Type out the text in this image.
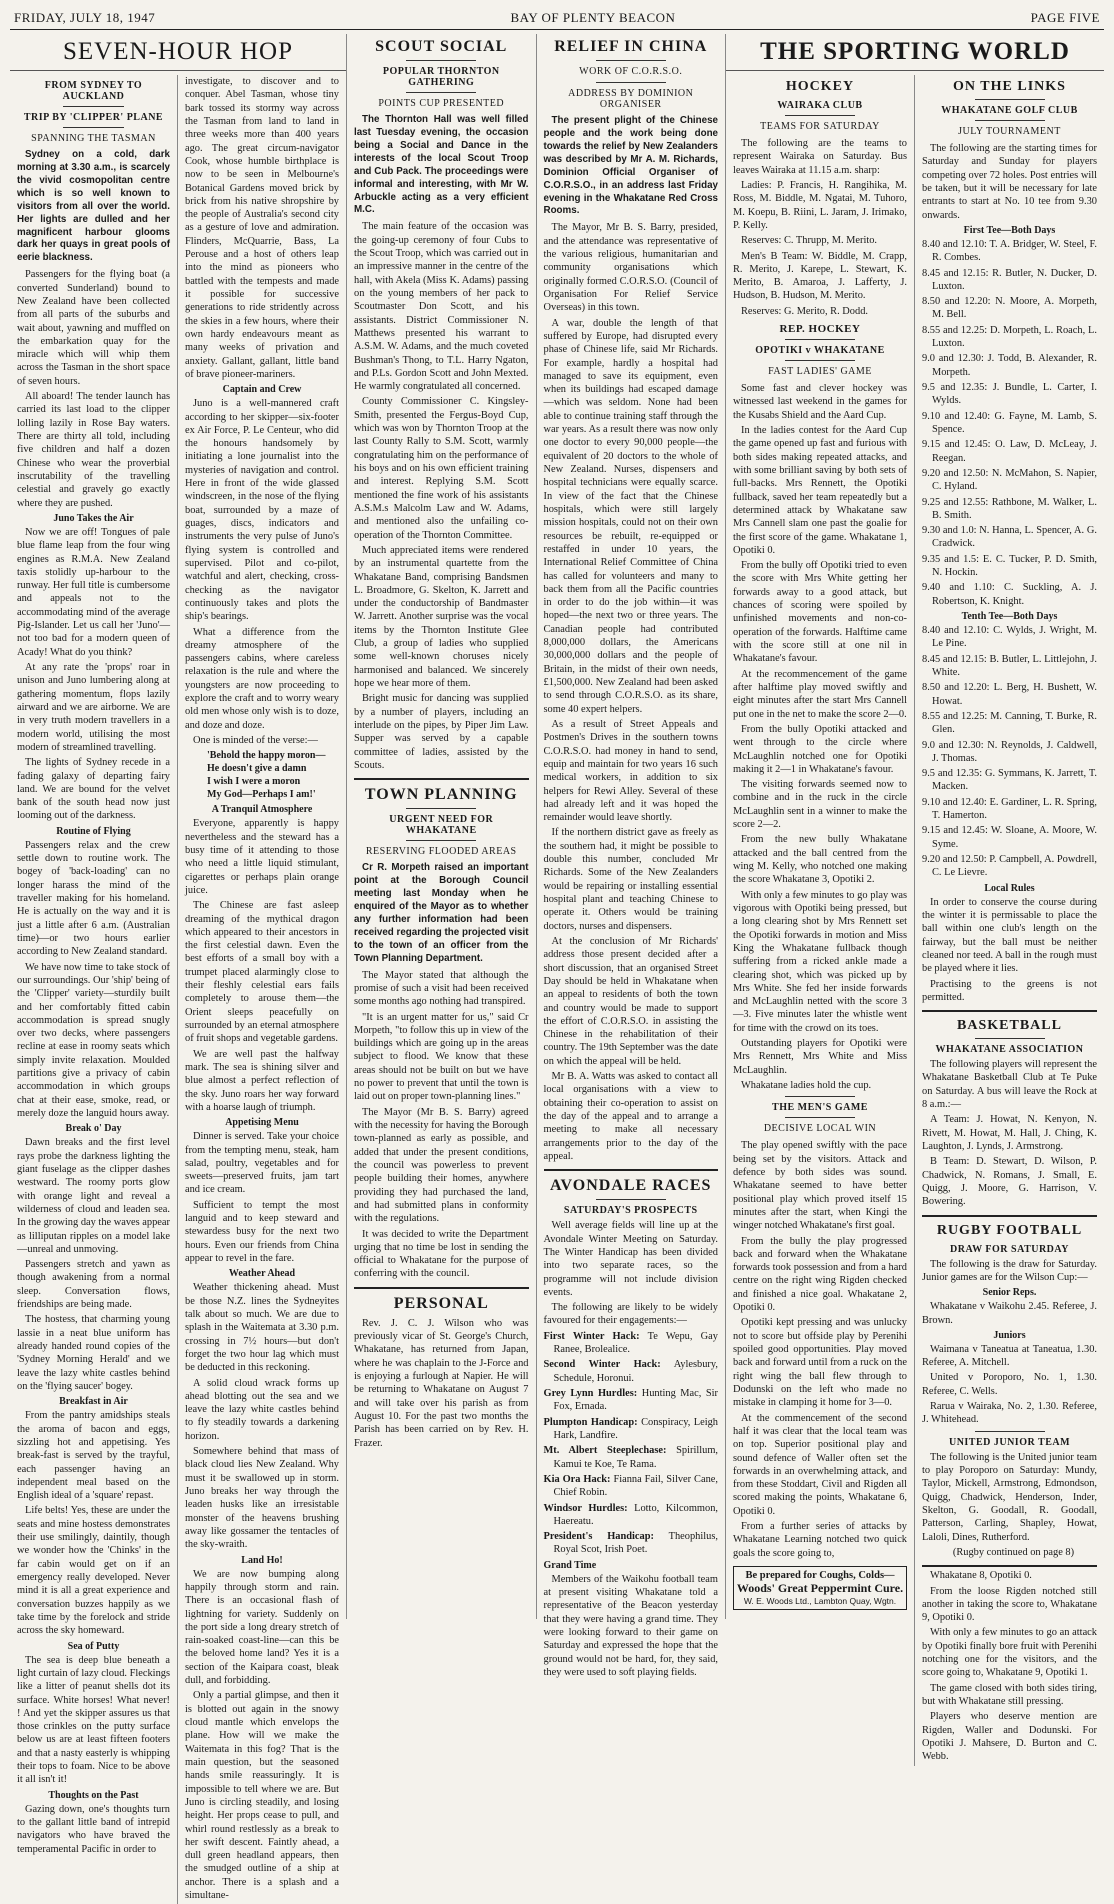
FRIDAY, JULY 18, 1947	BAY OF PLENTY BEACON	PAGE FIVE
SEVEN-HOUR HOP
FROM SYDNEY TO AUCKLAND
TRIP BY 'CLIPPER' PLANE
SPANNING THE TASMAN

Sydney on a cold, dark morning at 3.30 a.m., is scarcely the vivid cosmopolitan centre which is so well known to visitors from all over the world. Her lights are dulled and her magnificent harbour glooms dark her quays in great pools of eerie blackness.

Passengers for the flying boat (a converted Sunderland) bound to New Zealand have been collected from all parts of the suburbs and wait about, yawning and muffled on the embarkation quay for the miracle which will whip them across the Tasman in the short space of seven hours.

All aboard! The tender launch has carried its last load to the clipper lolling lazily in Rose Bay waters. There are thirty all told, including five children and half a dozen Chinese who wear the proverbial inscrutability of the travelling celestial and gravely go exactly where they are pushed.

Juno Takes the Air

Now we are off! Tongues of pale blue flame leap from the four wing engines as R.M.A. New Zealand taxis stolidly up-harbour to the runway. Her full title is cumbersome and appeals not to the accommodating mind of the average Pig-Islander. Let us call her 'Juno'—not too bad for a modern queen of Acady! What do you think?

At any rate the 'props' roar in unison and Juno lumbering along at gathering momentum, flops lazily airward and we are airborne. We are in very truth modern travellers in a modern world, utilising the most modern of streamlined travelling.

The lights of Sydney recede in a fading galaxy of departing fairy land. We are bound for the velvet bank of the south head now just looming out of the darkness.

Routine of Flying

Passengers relax and the crew settle down to routine work. The bogey of 'back-loading' can no longer harass the mind of the traveller making for his homeland. He is actually on the way and it is just a little after 6 a.m. (Australian time)—or two hours earlier according to New Zealand standard.

We have now time to take stock of our surroundings. Our 'ship' being of the 'Clipper' variety—sturdily built and her comfortably fitted cabin accommodation is spread snugly over two decks, where passengers recline at ease in roomy seats which simply invite relaxation. Moulded partitions give a privacy of cabin accommodation in which groups chat at their ease, smoke, read, or merely doze the languid hours away.

Break o' Day

Dawn breaks and the first level rays probe the darkness lighting the giant fuselage as the clipper dashes westward. The roomy ports glow with orange light and reveal a wilderness of cloud and leaden sea. In the growing day the waves appear as lilliputan ripples on a model lake—unreal and unmoving.

Passengers stretch and yawn as though awakening from a normal sleep. Conversation flows, friendships are being made.

The hostess, that charming young lassie in a neat blue uniform has already handed round copies of the 'Sydney Morning Herald' and we leave the lazy white castles behind on the 'flying saucer' bogey.

Breakfast in Air

From the pantry amidships steals the aroma of bacon and eggs, sizzling hot and appetising. Yes break-fast is served by the trayful, each passenger having an independent meal based on the English ideal of a 'square' repast.

Life belts! Yes, these are under the seats and mine hostess demonstrates their use smilingly, daintily, though we wonder how the 'Chinks' in the far cabin would get on if an emergency really developed. Never mind it is all a great experience and conversation buzzes happily as we take time by the forelock and stride across the sky homeward.

Sea of Putty

The sea is deep blue beneath a light curtain of lazy cloud. Fleckings like a litter of peanut shells dot its surface. White horses! What never! ! And yet the skipper assures us that those crinkles on the putty surface below us are at least fifteen footers and that a nasty easterly is whipping their tops to foam. Nice to be above it all isn't it!

Thoughts on the Past

Gazing down, one's thoughts turn to the gallant little band of intrepid navigators who have braved the temperamental Pacific in order to

investigate, to discover and to conquer. Abel Tasman, whose tiny bark tossed its stormy way across the Tasman from land to land in three weeks more than 400 years ago. The great circum-navigator Cook, whose humble birthplace is now to be seen in Melbourne's Botanical Gardens moved brick by brick from his native shropshire by the people of Australia's second city as a gesture of love and admiration. Flinders, McQuarrie, Bass, La Perouse and a host of others leap into the mind as pioneers who battled with the tempests and made it possible for successive generations to ride stridently across the skies in a few hours, where their own hardy endeavours meant as many weeks of privation and anxiety. Gallant, gallant, little band of brave pioneer-mariners.

Captain and Crew

Juno is a well-mannered craft according to her skipper—six-footer ex Air Force, P. Le Centeur, who did the honours handsomely by initiating a lone journalist into the mysteries of navigation and control. Here in front of the wide glassed windscreen, in the nose of the flying boat, surrounded by a maze of guages, discs, indicators and instruments the very pulse of Juno's flying system is controlled and supervised. Pilot and co-pilot, watchful and alert, checking, cross-checking as the navigator continuously takes and plots the ship's bearings.

What a difference from the dreamy atmosphere of the passengers cabins, where careless relaxation is the rule and where the youngsters are now proceeding to explore the craft and to worry weary old men whose only wish is to doze, and doze and doze.

One is minded of the verse:—

'Behold the happy moron—
He doesn't give a damn
I wish I were a moron
My God—Perhaps I am!'
A Tranquil Atmosphere

Everyone, apparently is happy nevertheless and the steward has a busy time of it attending to those who need a little liquid stimulant, cigarettes or perhaps plain orange juice.

The Chinese are fast asleep dreaming of the mythical dragon which appeared to their ancestors in the first celestial dawn. Even the best efforts of a small boy with a trumpet placed alarmingly close to their fleshly celestial ears fails completely to arouse them—the Orient sleeps peacefully on surrounded by an eternal atmosphere of fruit shops and vegetable gardens.

We are well past the halfway mark. The sea is shining silver and blue almost a perfect reflection of the sky. Juno roars her way forward with a hoarse laugh of triumph.

Appetising Menu

Dinner is served. Take your choice from the tempting menu, steak, ham salad, poultry, vegetables and for sweets—preserved fruits, jam tart and ice cream.

Sufficient to tempt the most languid and to keep steward and stewardess busy for the next two hours. Even our friends from China appear to revel in the fare.

Weather Ahead

Weather thickening ahead. Must be those N.Z. lines the Sydneyites talk about so much. We are due to splash in the Waitemata at 3.30 p.m. crossing in 7½ hours—but don't forget the two hour lag which must be deducted in this reckoning.

A solid cloud wrack forms up ahead blotting out the sea and we leave the lazy white castles behind to fly steadily towards a darkening horizon.

Somewhere behind that mass of black cloud lies New Zealand. Why must it be swallowed up in storm. Juno breaks her way through the leaden husks like an irresistable monster of the heavens brushing away like gossamer the tentacles of the sky-wraith.

Land Ho!

We are now bumping along happily through storm and rain. There is an occasional flash of lightning for variety. Suddenly on the port side a long dreary stretch of rain-soaked coast-line—can this be the beloved home land? Yes it is a section of the Kaipara coast, bleak dull, and forbidding.

Only a partial glimpse, and then it is blotted out again in the snowy cloud mantle which envelops the plane. How will we make the Waitemata in this fog? That is the main question, but the seasoned hands smile reassuringly. It is impossible to tell where we are. But Juno is circling steadily, and losing height. Her props cease to pull, and whirl round restlessly as a break to her swift descent. Faintly ahead, a dull green headland appears, then the smudged outline of a ship at anchor. There is a splash and a simultane-

SCOUT SOCIAL
POPULAR THORNTON GATHERING
POINTS CUP PRESENTED

The Thornton Hall was well filled last Tuesday evening, the occasion being a Social and Dance in the interests of the local Scout Troop and Cub Pack. The proceedings were informal and interesting, with Mr W. Arbuckle acting as a very efficient M.C.

The main feature of the occasion was the going-up ceremony of four Cubs to the Scout Troop, which was carried out in an impressive manner in the centre of the hall, with Akela (Miss K. Adams) passing on the young members of her pack to Scoutmaster Don Scott, and his assistants. District Commissioner N. Matthews presented his warrant to A.S.M. W. Adams, and the much coveted Bushman's Thong, to T.L. Harry Ngaton, and P.Ls. Gordon Scott and John Mexted. He warmly congratulated all concerned.

County Commissioner C. Kingsley-Smith, presented the Fergus-Boyd Cup, which was won by Thornton Troop at the last County Rally to S.M. Scott, warmly congratulating him on the performance of his boys and on his own efficient training and interest. Replying S.M. Scott mentioned the fine work of his assistants A.S.M.s Malcolm Law and W. Adams, and mentioned also the unfailing co-operation of the Thornton Committee.

Much appreciated items were rendered by an instrumental quartette from the Whakatane Band, comprising Bandsmen L. Broadmore, G. Skelton, K. Jarrett and under the conductorship of Bandmaster W. Jarrett. Another surprise was the vocal items by the Thornton Institute Glee Club, a group of ladies who supplied some well-known choruses nicely harmonised and balanced. We sincerely hope we hear more of them.

Bright music for dancing was supplied by a number of players, including an interlude on the pipes, by Piper Jim Law. Supper was served by a capable committee of ladies, assisted by the Scouts.

TOWN PLANNING
URGENT NEED FOR WHAKATANE
RESERVING FLOODED AREAS

Cr R. Morpeth raised an important point at the Borough Council meeting last Monday when he enquired of the Mayor as to whether any further information had been received regarding the projected visit to the town of an officer from the Town Planning Department.

The Mayor stated that although the promise of such a visit had been received some months ago nothing had transpired.

"It is an urgent matter for us," said Cr Morpeth, "to follow this up in view of the buildings which are going up in the areas subject to flood. We know that these areas should not be built on but we have no power to prevent that until the town is laid out on proper town-planning lines."

The Mayor (Mr B. S. Barry) agreed with the necessity for having the Borough town-planned as early as possible, and added that under the present conditions, the council was powerless to prevent people building their homes, anywhere providing they had purchased the land, and had submitted plans in conformity with the regulations.

It was decided to write the Department urging that no time be lost in sending the official to Whakatane for the purpose of conferring with the council.

PERSONAL

Rev. J. C. J. Wilson who was previously vicar of St. George's Church, Whakatane, has returned from Japan, where he was chaplain to the J-Force and is enjoying a furlough at Napier. He will be returning to Whakatane on August 7 and will take over his parish as from August 10. For the past two months the Parish has been carried on by Rev. H. Frazer.

RELIEF IN CHINA
WORK OF C.O.R.S.O.
ADDRESS BY DOMINION ORGANISER

The present plight of the Chinese people and the work being done towards the relief by New Zealanders was described by Mr A. M. Richards, Dominion Official Organiser of C.O.R.S.O., in an address last Friday evening in the Whakatane Red Cross Rooms.

The Mayor, Mr B. S. Barry, presided, and the attendance was representative of the various religious, humanitarian and community organisations which originally formed C.O.R.S.O. (Council of Organisation For Relief Service Overseas) in this town.

A war, double the length of that suffered by Europe, had disrupted every phase of Chinese life, said Mr Richards. For example, hardly a hospital had managed to save its equipment, even when its buildings had escaped damage—which was seldom. None had been able to continue training staff through the war years. As a result there was now only one doctor to every 90,000 people—the equivalent of 20 doctors to the whole of New Zealand. Nurses, dispensers and hospital technicians were equally scarce. In view of the fact that the Chinese hospitals, which were still largely mission hospitals, could not on their own resources be rebuilt, re-equipped or restaffed in under 10 years, the International Relief Committee of China has called for volunteers and many to back them from all the Pacific countries in order to do the job within—it was hoped—the next two or three years. The Canadian people had contributed 8,000,000 dollars, the Americans 30,000,000 dollars and the people of Britain, in the midst of their own needs, £1,500,000. New Zealand had been asked to send through C.O.R.S.O. as its share, some 40 expert helpers.

As a result of Street Appeals and Postmen's Drives in the southern towns C.O.R.S.O. had money in hand to send, equip and maintain for two years 16 such medical workers, in addition to six helpers for Rewi Alley. Several of these had already left and it was hoped the remainder would leave shortly.

If the northern district gave as freely as the southern had, it might be possible to double this number, concluded Mr Richards. Some of the New Zealanders would be repairing or installing essential hospital plant and teaching Chinese to operate it. Others would be training doctors, nurses and dispensers.

At the conclusion of Mr Richards' address those present decided after a short discussion, that an organised Street Day should be held in Whakatane when an appeal to residents of both the town and country would be made to support the effort of C.O.R.S.O. in assisting the Chinese in the rehabilitation of their country. The 19th September was the date on which the appeal will be held.

Mr B. A. Watts was asked to contact all local organisations with a view to obtaining their co-operation to assist on the day of the appeal and to arrange a meeting to make all necessary arrangements prior to the day of the appeal.

AVONDALE RACES
SATURDAY'S PROSPECTS

Well average fields will line up at the Avondale Winter Meeting on Saturday. The Winter Handicap has been divided into two separate races, so the programme will not include division events.

The following are likely to be widely favoured for their engagements:—

First Winter Hack: Te Wepu, Gay Ranee, Brolealice.

Second Winter Hack: Aylesbury, Schedule, Horonui.

Grey Lynn Hurdles: Hunting Mac, Sir Fox, Ernada.

Plumpton Handicap: Conspiracy, Leigh Hark, Landfire.

Mt. Albert Steeplechase: Spirillum, Kamui te Koe, Te Rama.

Kia Ora Hack: Fianna Fail, Silver Cane, Chief Robin.

Windsor Hurdles: Lotto, Kilcommon, Haereatu.

President's Handicap: Theophilus, Royal Scot, Irish Poet.

Grand Time

Members of the Waikohu football team at present visiting Whakatane told a representative of the Beacon yesterday that they were having a grand time. They were looking forward to their game on Saturday and expressed the hope that the ground would not be hard, for, they said, they were used to soft playing fields.

THE SPORTING WORLD
HOCKEY
WAIRAKA CLUB
TEAMS FOR SATURDAY

The following are the teams to represent Wairaka on Saturday. Bus leaves Wairaka at 11.15 a.m. sharp:

Ladies: P. Francis, H. Rangihika, M. Ross, M. Biddle, M. Ngatai, M. Tuhoro, M. Koepu, B. Riini, L. Jaram, J. Irimako, P. Kelly.

Reserves: C. Thrupp, M. Merito.

Men's B Team: W. Biddle, M. Crapp, R. Merito, J. Karepe, L. Stewart, K. Merito, B. Amaroa, J. Lafferty, J. Hudson, B. Hudson, M. Merito.

Reserves: G. Merito, R. Dodd.

REP. HOCKEY
OPOTIKI v WHAKATANE
FAST LADIES' GAME

Some fast and clever hockey was witnessed last weekend in the games for the Kusabs Shield and the Aard Cup.

In the ladies contest for the Aard Cup the game opened up fast and furious with both sides making repeated attacks, and with some brilliant saving by both sets of full-backs. Mrs Rennett, the Opotiki fullback, saved her team repeatedly but a determined attack by Whakatane saw Mrs Cannell slam one past the goalie for the first score of the game. Whakatane 1, Opotiki 0.

From the bully off Opotiki tried to even the score with Mrs White getting her forwards away to a good attack, but chances of scoring were spoiled by unfinished movements and non-co-operation of the forwards. Halftime came with the score still at one nil in Whakatane's favour.

At the recommencement of the game after halftime play moved swiftly and eight minutes after the start Mrs Cannell put one in the net to make the score 2—0.

From the bully Opotiki attacked and went through to the circle where McLaughlin notched one for Opotiki making it 2—1 in Whakatane's favour.

The visiting forwards seemed now to combine and in the ruck in the circle McLaughlin sent in a winner to make the score 2—2.

From the new bully Whakatane attacked and the ball centred from the wing M. Kelly, who notched one making the score Whakatane 3, Opotiki 2.

With only a few minutes to go play was vigorous with Opotiki being pressed, but a long clearing shot by Mrs Rennett set the Opotiki forwards in motion and Miss King the Whakatane fullback though suffering from a ricked ankle made a clearing shot, which was picked up by Mrs White. She fed her inside forwards and McLaughlin netted with the score 3—3. Five minutes later the whistle went for time with the crowd on its toes.

Outstanding players for Opotiki were Mrs Rennett, Mrs White and Miss McLaughlin.

Whakatane ladies hold the cup.

THE MEN'S GAME
DECISIVE LOCAL WIN

The play opened swiftly with the pace being set by the visitors. Attack and defence by both sides was sound. Whakatane seemed to have better positional play which proved itself 15 minutes after the start, when Kingi the winger notched Whakatane's first goal.

From the bully the play progressed back and forward when the Whakatane forwards took possession and from a hard centre on the right wing Rigden checked and finished a nice goal. Whakatane 2, Opotiki 0.

Opotiki kept pressing and was unlucky not to score but offside play by Perenihi spoiled good opportunities. Play moved back and forward until from a ruck on the right wing the ball flew through to Dodunski on the left who made no mistake in clamping it home for 3—0.

At the commencement of the second half it was clear that the local team was on top. Superior positional play and sound defence of Waller often set the forwards in an overwhelming attack, and from these Stoddart, Civil and Rigden all scored making the points, Whakatane 6, Opotiki 0.

From a further series of attacks by Whakatane Learning notched two quick goals the score going to,

Be prepared for Coughs, Colds—
Woods' Great Peppermint Cure.
W. E. Woods Ltd., Lambton Quay, Wgtn.
ON THE LINKS
WHAKATANE GOLF CLUB
JULY TOURNAMENT

The following are the starting times for Saturday and Sunday for players competing over 72 holes. Post entries will be taken, but it will be necessary for late entrants to start at No. 10 tee from 9.30 onwards.

First Tee—Both Days

8.40 and 12.10: T. A. Bridger, W. Steel, F. R. Combes.

8.45 and 12.15: R. Butler, N. Ducker, D. Luxton.

8.50 and 12.20: N. Moore, A. Morpeth, M. Bell.

8.55 and 12.25: D. Morpeth, L. Roach, L. Luxton.

9.0 and 12.30: J. Todd, B. Alexander, R. Morpeth.

9.5 and 12.35: J. Bundle, L. Carter, I. Wylds.

9.10 and 12.40: G. Fayne, M. Lamb, S. Spence.

9.15 and 12.45: O. Law, D. McLeay, J. Reegan.

9.20 and 12.50: N. McMahon, S. Napier, C. Hyland.

9.25 and 12.55: Rathbone, M. Walker, L. B. Smith.

9.30 and 1.0: N. Hanna, L. Spencer, A. G. Cradwick.

9.35 and 1.5: E. C. Tucker, P. D. Smith, N. Hockin.

9.40 and 1.10: C. Suckling, A. J. Robertson, K. Knight.

Tenth Tee—Both Days

8.40 and 12.10: C. Wylds, J. Wright, M. Le Pine.

8.45 and 12.15: B. Butler, L. Littlejohn, J. White.

8.50 and 12.20: L. Berg, H. Bushett, W. Howat.

8.55 and 12.25: M. Canning, T. Burke, R. Glen.

9.0 and 12.30: N. Reynolds, J. Caldwell, J. Thomas.

9.5 and 12.35: G. Symmans, K. Jarrett, T. Macken.

9.10 and 12.40: E. Gardiner, L. R. Spring, T. Hamerton.

9.15 and 12.45: W. Sloane, A. Moore, W. Syme.

9.20 and 12.50: P. Campbell, A. Powdrell, C. Le Lievre.

Local Rules

In order to conserve the course during the winter it is permissable to place the ball within one club's length on the fairway, but the ball must be neither cleaned nor teed. A ball in the rough must be played where it lies.

Practising to the greens is not permitted.

BASKETBALL
WHAKATANE ASSOCIATION

The following players will represent the Whakatane Basketball Club at Te Puke on Saturday. A bus will leave the Rock at 8 a.m.:—

A Team: J. Howat, N. Kenyon, N. Rivett, M. Howat, M. Hall, J. Ching, K. Laughton, J. Lynds, J. Armstrong.

B Team: D. Stewart, D. Wilson, P. Chadwick, N. Romans, J. Small, E. Quigg, J. Moore, G. Harrison, V. Bowering.

RUGBY FOOTBALL
DRAW FOR SATURDAY

The following is the draw for Saturday. Junior games are for the Wilson Cup:—

Senior Reps.

Whakatane v Waikohu 2.45. Referee, J. Brown.

Juniors

Waimana v Taneatua at Taneatua, 1.30. Referee, A. Mitchell.

United v Poroporo, No. 1, 1.30. Referee, C. Wells.

Rarua v Wairaka, No. 2, 1.30. Referee, J. Whitehead.

UNITED JUNIOR TEAM

The following is the United junior team to play Poroporo on Saturday: Mundy, Taylor, Mickell, Armstrong, Edmondson, Quigg, Chadwick, Henderson, Inder, Skelton, G. Goodall, R. Goodall, Patterson, Carling, Shapley, Howat, Laloli, Dines, Rutherford.

(Rugby continued on page 8)

Whakatane 8, Opotiki 0.

From the loose Rigden notched still another in taking the score to, Whakatane 9, Opotiki 0.

With only a few minutes to go an attack by Opotiki finally bore fruit with Perenihi notching one for the visitors, and the score going to, Whakatane 9, Opotiki 1.

The game closed with both sides tiring, but with Whakatane still pressing.

Players who deserve mention are Rigden, Waller and Dodunski. For Opotiki J. Mahsere, D. Burton and C. Webb.
